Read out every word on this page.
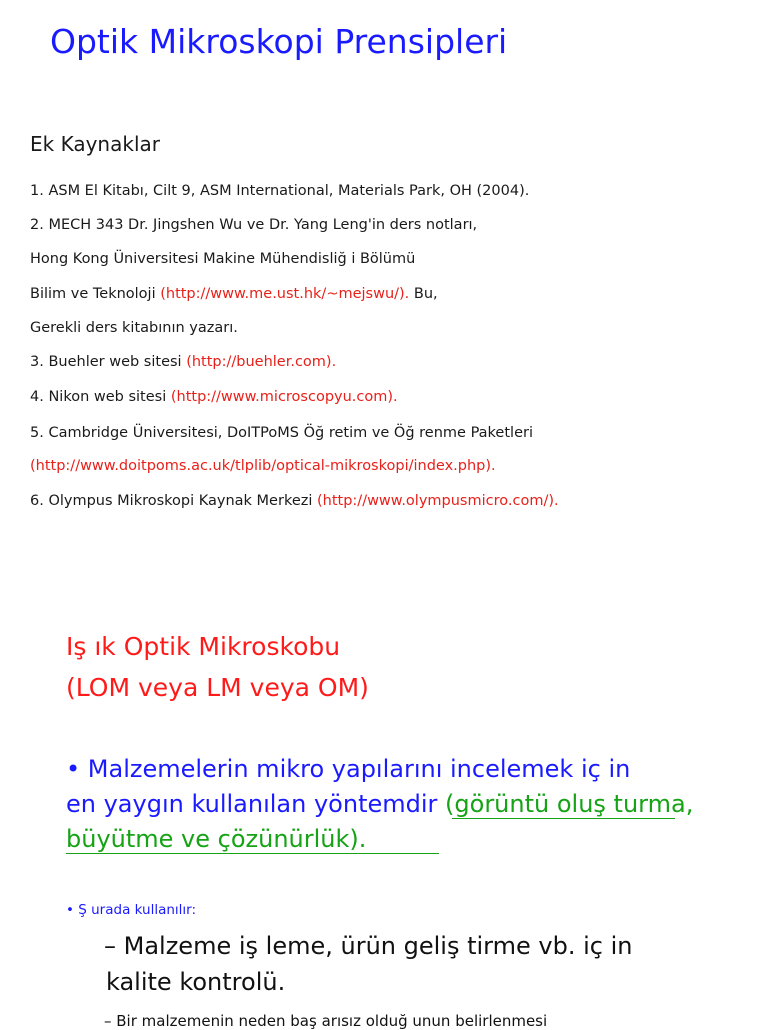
Optik Mikroskopi Prensipleri
Ek Kaynaklar
1. ASM El Kitabı, Cilt 9, ASM International, Materials Park, OH (2004).
2. MECH 343 Dr. Jingshen Wu ve Dr. Yang Leng'in ders notları,
Hong Kong Üniversitesi Makine Mühendisliğ i Bölümü
Bilim ve Teknoloji (http://www.me.ust.hk/~mejswu/). Bu,
Gerekli ders kitabının yazarı.
3. Buehler web sitesi (http://buehler.com).
4. Nikon web sitesi (http://www.microscopyu.com).
5. Cambridge Üniversitesi, DoITPoMS Öğ retim ve Öğ renme Paketleri
(http://www.doitpoms.ac.uk/tlplib/optical-mikroskopi/index.php).
6. Olympus Mikroskopi Kaynak Merkezi (http://www.olympusmicro.com/).
Iş ık Optik Mikroskobu
(LOM veya LM veya OM)
• Malzemelerin mikro yapılarını incelemek iç in
en yaygın kullanılan yöntemdir (görüntü oluş turma,
büyütme ve çözünürlük).
• Ş urada kullanılır:
– Malzeme iş leme, ürün geliş tirme vb. iç in
kalite kontrolü.
– Bir malzemenin neden baş arısız olduğ unun belirlenmesi
